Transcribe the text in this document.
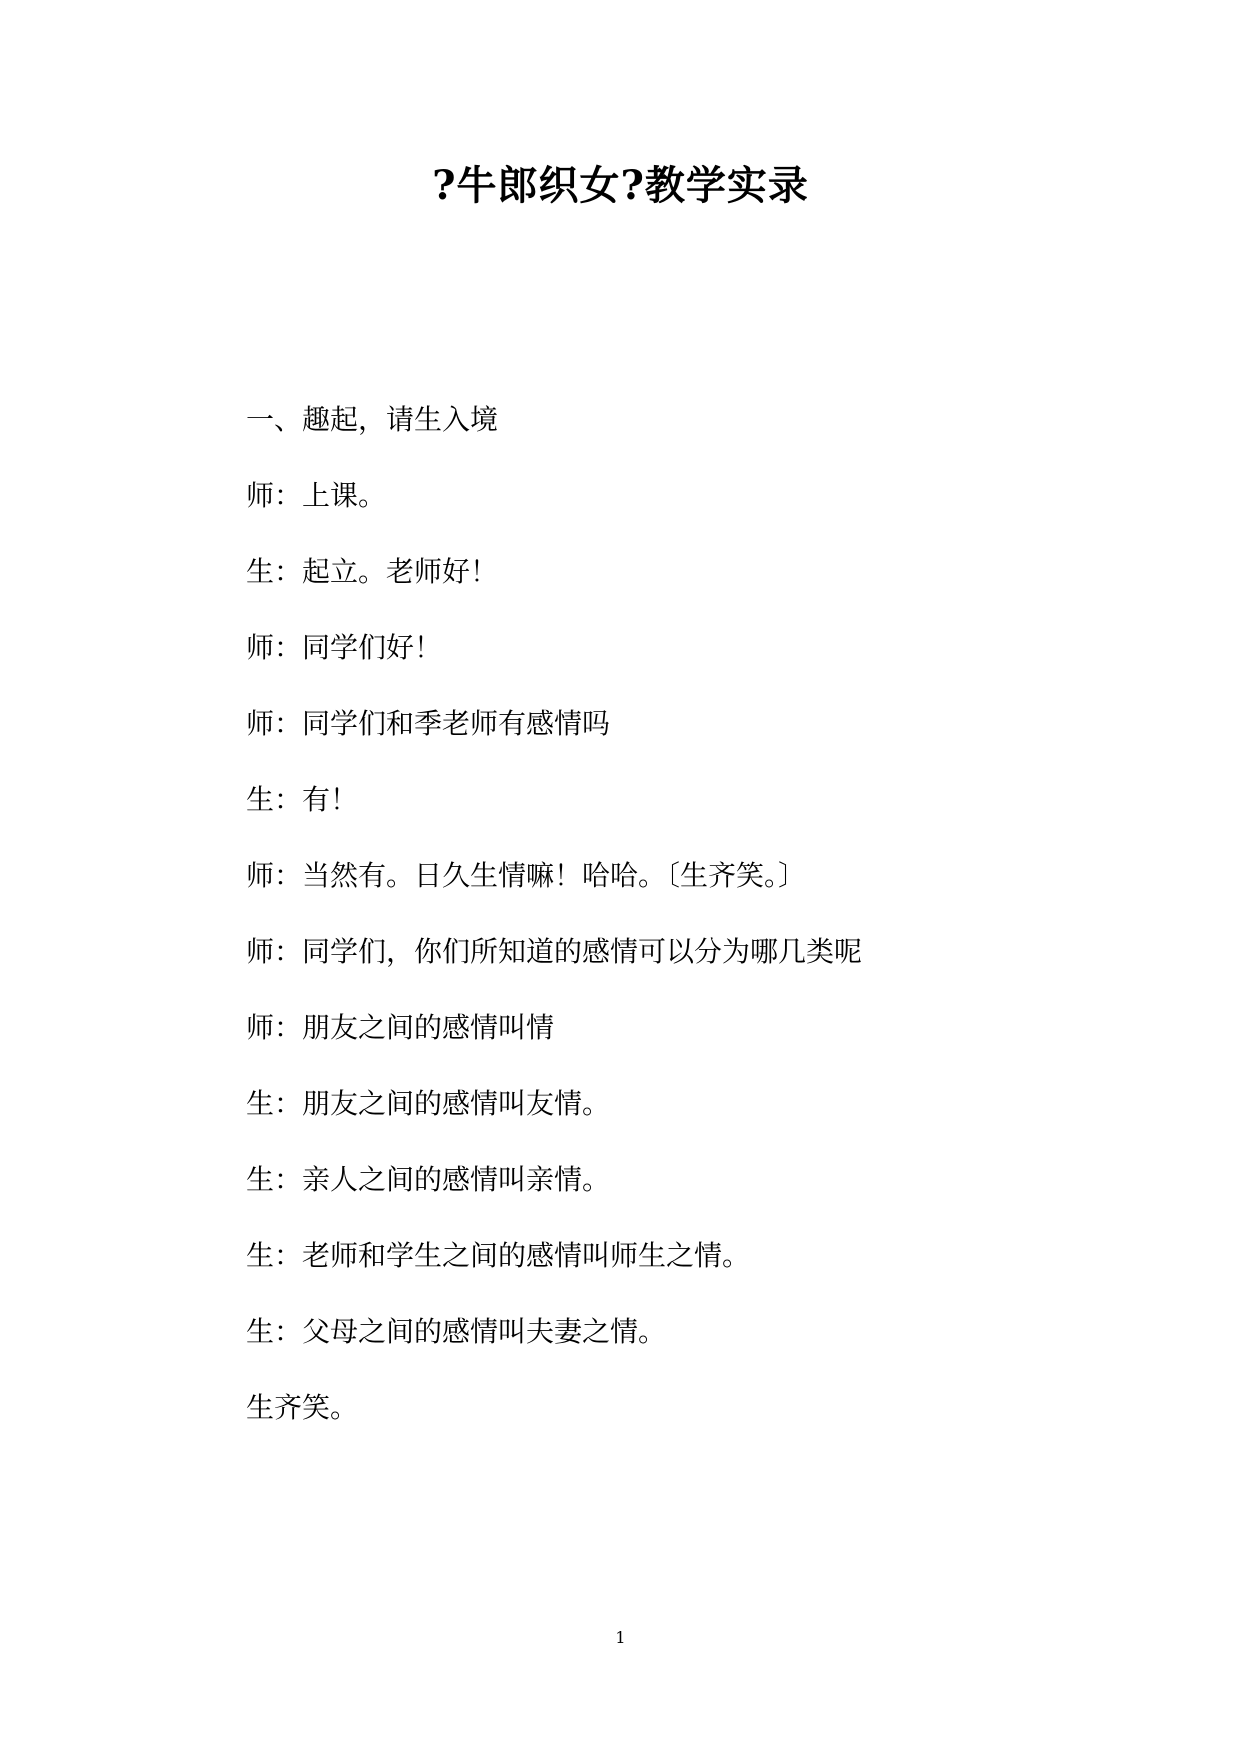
?牛郎织女?教学实录
一、趣起，请生入境
师：上课。
生：起立。老师好！
师：同学们好！
师：同学们和季老师有感情吗
生：有！
师：当然有。日久生情嘛！哈哈。〔生齐笑。〕
师：同学们，你们所知道的感情可以分为哪几类呢
师：朋友之间的感情叫情
生：朋友之间的感情叫友情。
生：亲人之间的感情叫亲情。
生：老师和学生之间的感情叫师生之情。
生：父母之间的感情叫夫妻之情。
生齐笑。
1
